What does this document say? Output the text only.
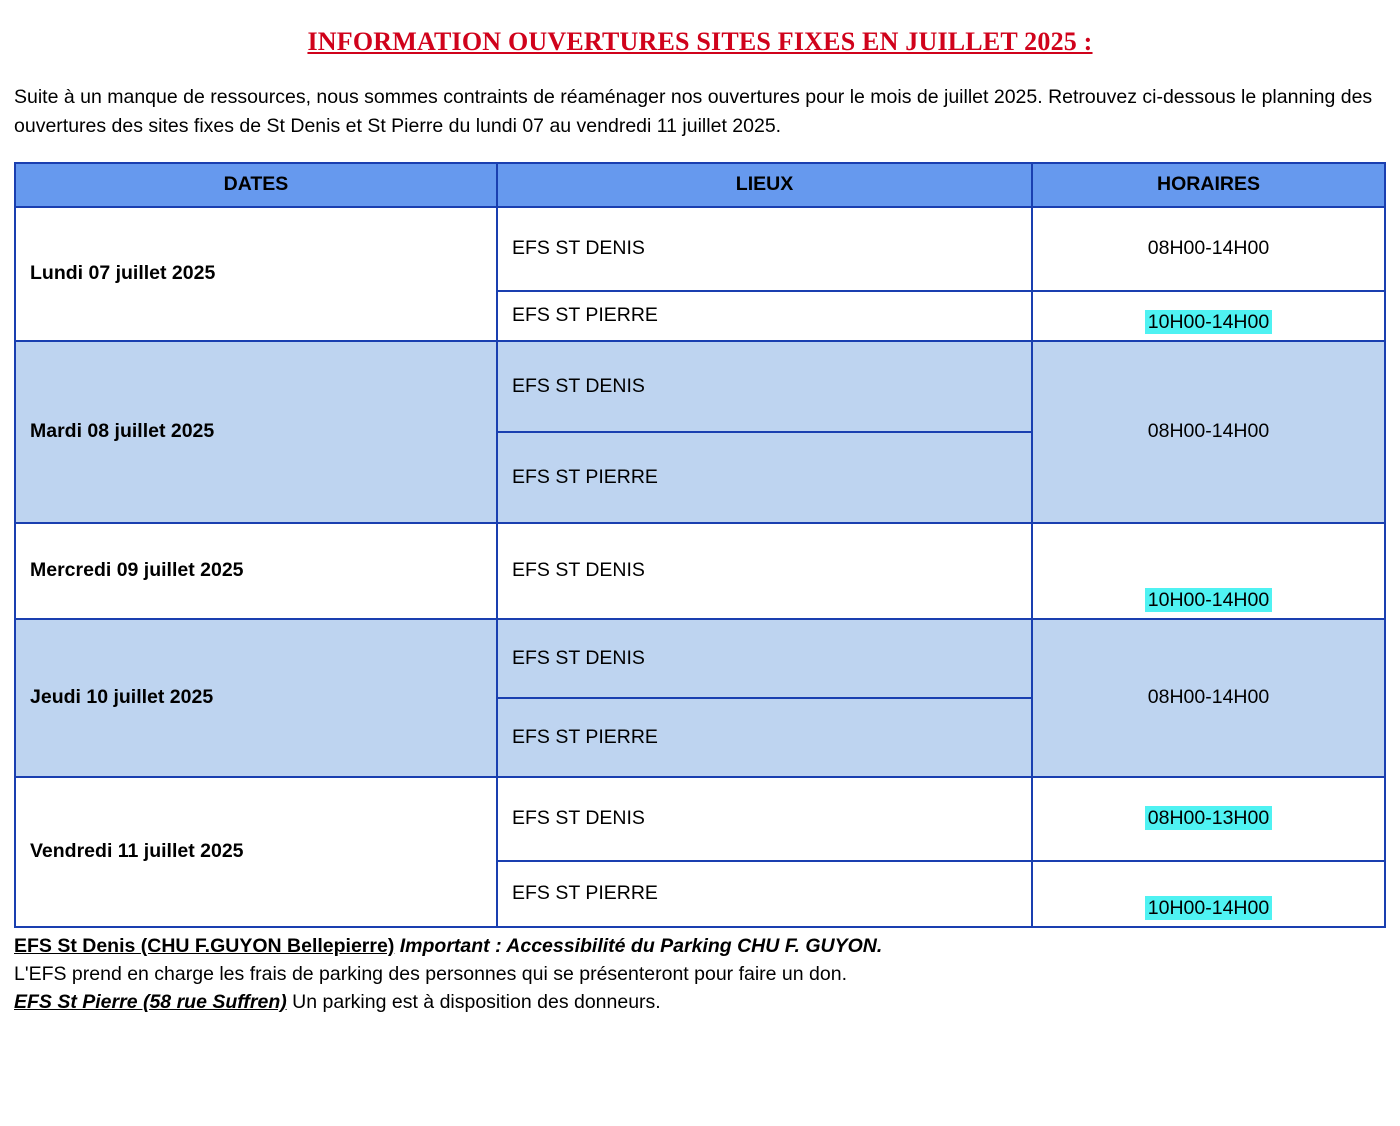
INFORMATION OUVERTURES SITES FIXES EN JUILLET 2025 :

Suite à un manque de ressources, nous sommes contraints de réaménager nos ouvertures pour le mois de juillet 2025. Retrouvez ci-dessous le planning des ouvertures des sites fixes de St Denis et St Pierre du lundi 07 au vendredi 11 juillet 2025.

DATES	LIEUX	HORAIRES
Lundi 07 juillet 2025	EFS ST DENIS	08H00-14H00
	EFS ST PIERRE	10H00-14H00
Mardi 08 juillet 2025	EFS ST DENIS	08H00-14H00
	EFS ST PIERRE	
Mercredi 09 juillet 2025	EFS ST DENIS	10H00-14H00
Jeudi 10 juillet 2025	EFS ST DENIS	08H00-14H00
	EFS ST PIERRE	
Vendredi 11 juillet 2025	EFS ST DENIS	08H00-13H00
	EFS ST PIERRE	10H00-14H00
EFS St Denis (CHU F.GUYON Bellepierre) Important : Accessibilité du Parking CHU F. GUYON.
L'EFS prend en charge les frais de parking des personnes qui se présenteront pour faire un don.
EFS St Pierre (58 rue Suffren) Un parking est à disposition des donneurs.
